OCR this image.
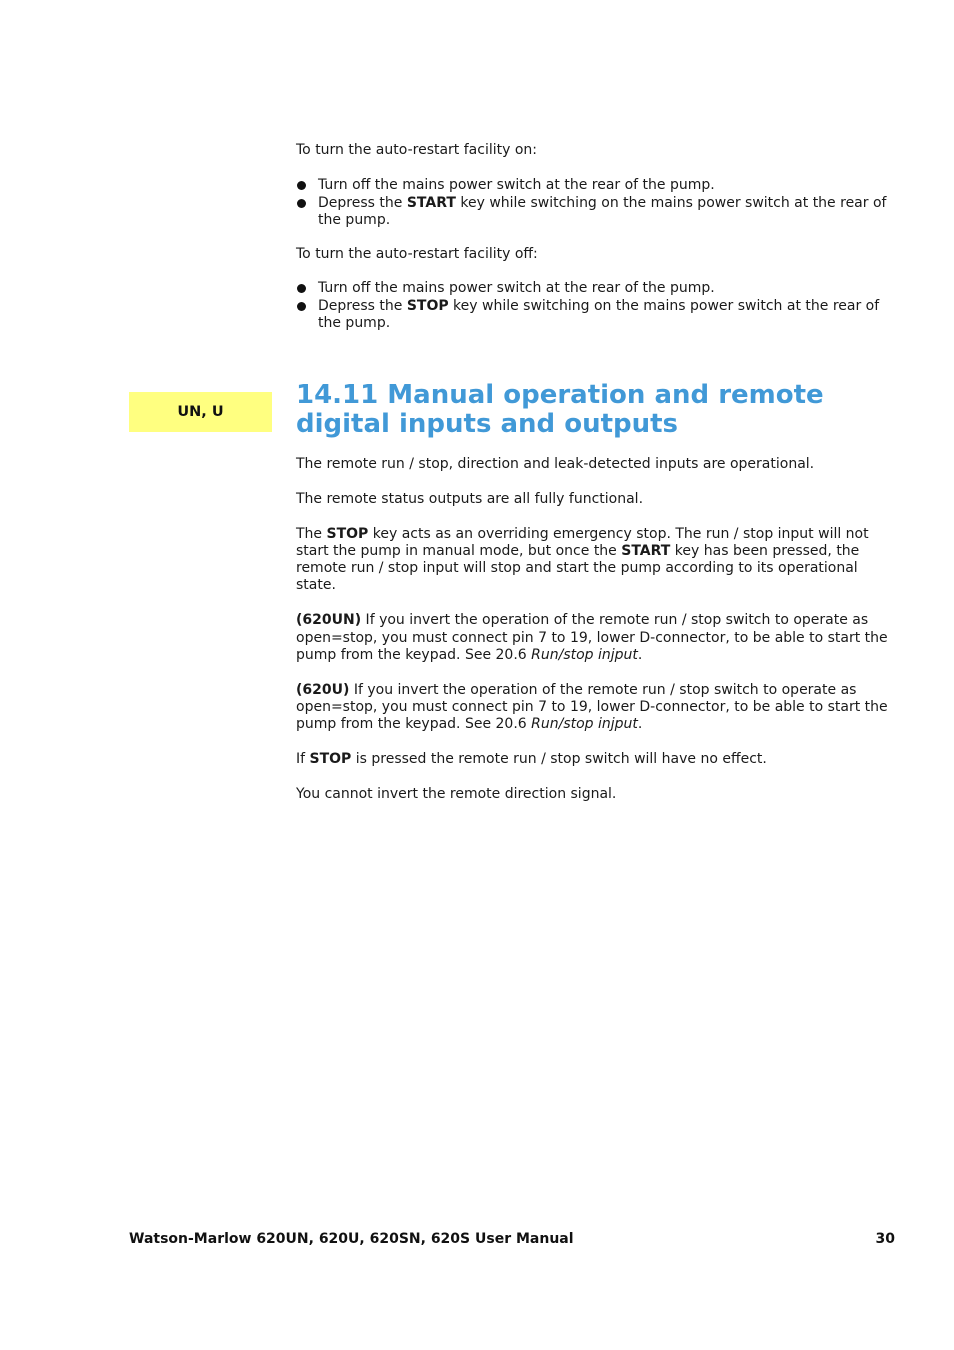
To turn the auto-restart facility on:

Turn off the mains power switch at the rear of the pump.
Depress the START key while switching on the mains power switch at the rear of the pump.

To turn the auto-restart facility off:

Turn off the mains power switch at the rear of the pump.
Depress the STOP key while switching on the mains power switch at the rear of the pump.
UN, U
14.11 Manual operation and remote digital inputs and outputs

The remote run / stop, direction and leak-detected inputs are operational.

The remote status outputs are all fully functional.

The STOP key acts as an overriding emergency stop. The run / stop input will not start the pump in manual mode, but once the START key has been pressed, the remote run / stop input will stop and start the pump according to its operational state.

(620UN) If you invert the operation of the remote run / stop switch to operate as open=stop, you must connect pin 7 to 19, lower D-connector, to be able to start the pump from the keypad. See 20.6 Run/stop injput.

(620U) If you invert the operation of the remote run / stop switch to operate as open=stop, you must connect pin 7 to 19, lower D-connector, to be able to start the pump from the keypad. See 20.6 Run/stop injput.

If STOP is pressed the remote run / stop switch will have no effect.

You cannot invert the remote direction signal.

Watson-Marlow 620UN, 620U, 620SN, 620S User Manual	30
